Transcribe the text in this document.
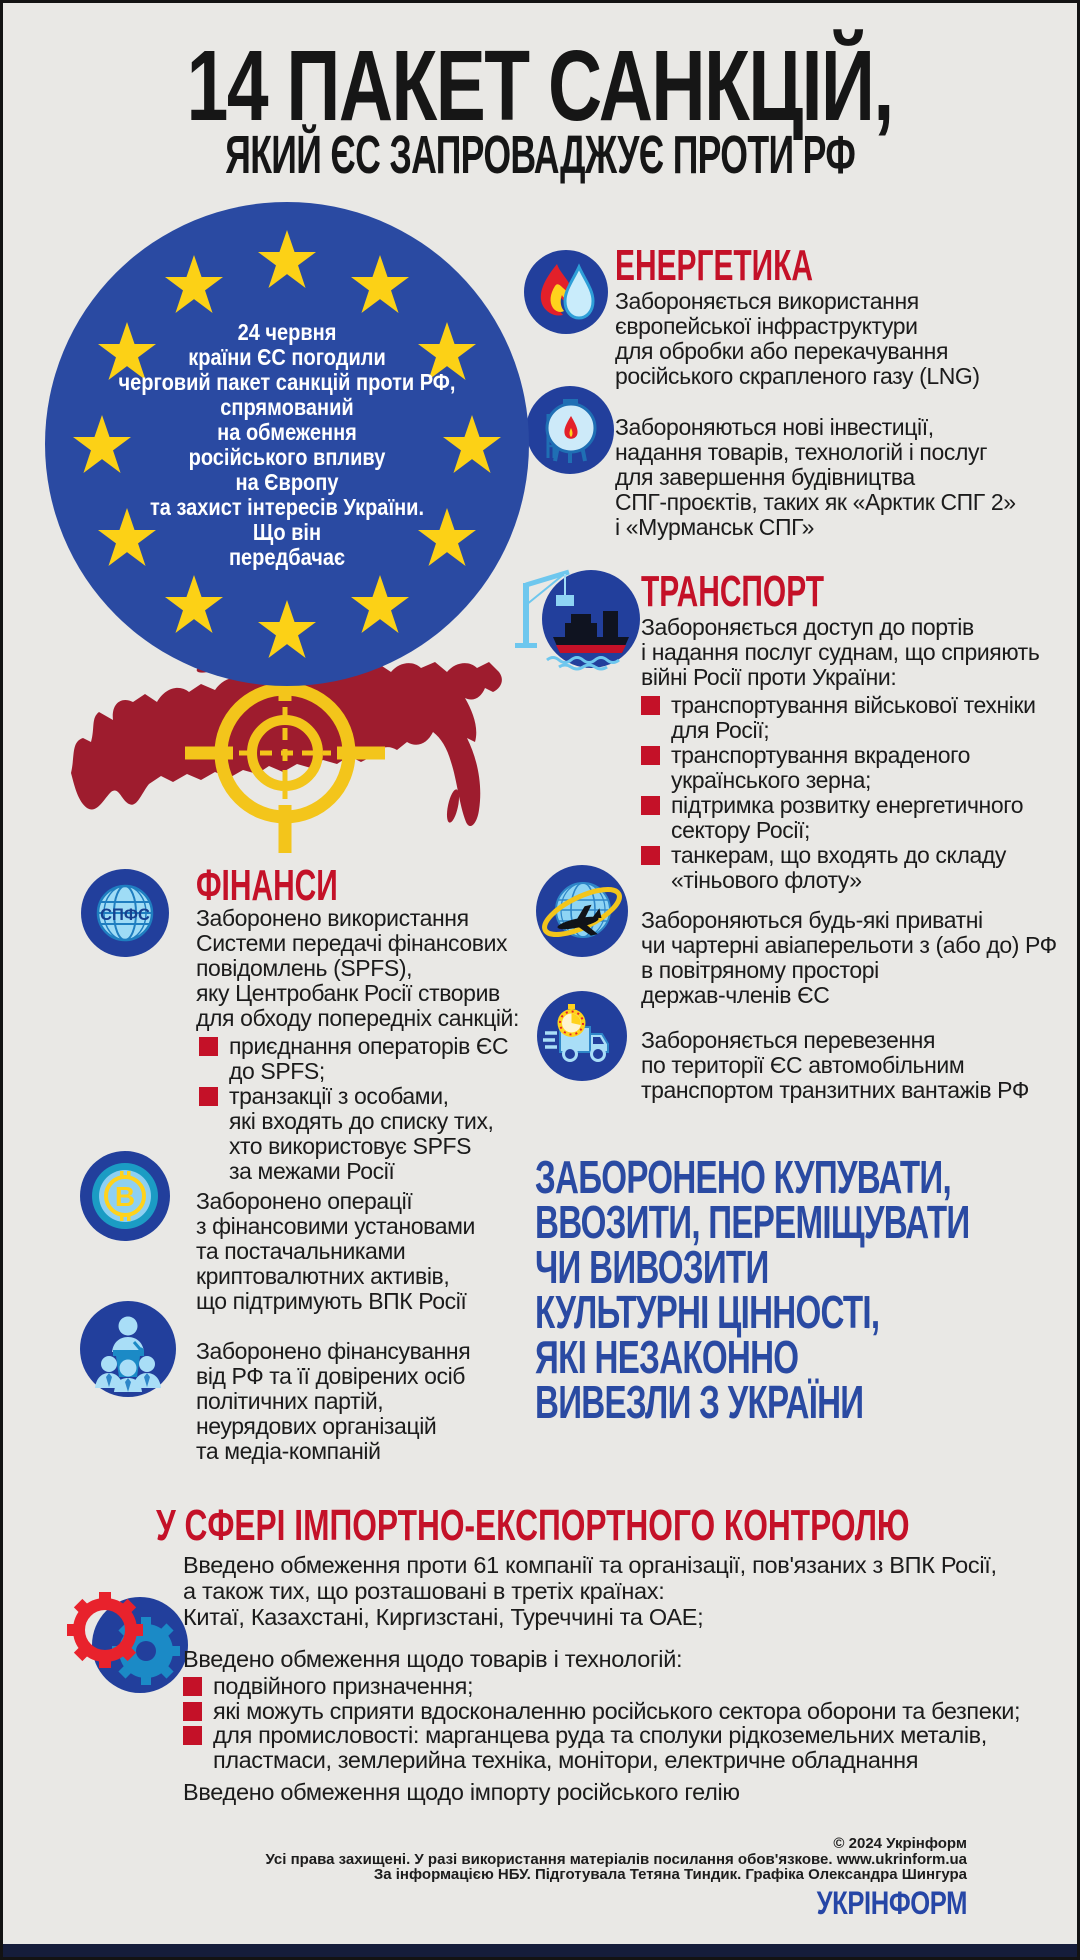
14 ПАКЕТ САНКЦІЙ,
ЯКИЙ ЄС ЗАПРОВАДЖУЄ ПРОТИ РФ
24 червня
країни ЄС погодили
черговий пакет санкцій проти РФ,
спрямований
на обмеження
російського впливу
на Європу
та захист інтересів України.
Що він
передбачає
ЕНЕРГЕТИКА
Забороняється використання
європейської інфраструктури
для обробки або перекачування
російського скрапленого газу (LNG)
Забороняються нові інвестиції,
надання товарів, технологій і послуг
для завершення будівництва
СПГ-проєктів, таких як «Арктик СПГ 2»
і «Мурманськ СПГ»
ТРАНСПОРТ
Забороняється доступ до портів
і надання послуг суднам, що сприяють
війні Росії проти України:
транспортування військової техніки
для Росії;
транспортування вкраденого
українського зерна;
підтримка розвитку енергетичного
сектору Росії;
танкерам, що входять до складу
«тіньового флоту»
Забороняються будь-які приватні
чи чартерні авіаперельоти з (або до) РФ
в повітряному просторі
держав-членів ЄС
Забороняється перевезення
по території ЄС автомобільним
транспортом транзитних вантажів РФ
СПФС
ФІНАНСИ
Заборонено використання
Системи передачі фінансових
повідомлень (SPFS),
яку Центробанк Росії створив
для обходу попередніх санкцій:
приєднання операторів ЄС
до SPFS;
транзакції з особами,
які входять до списку тих,
хто використовує SPFS
за межами Росії
B	Заборонено операції
з фінансовими установами
та постачальниками
криптовалютних активів,
що підтримують ВПК Росії
Заборонено фінансування
від РФ та її довірених осіб
політичних партій,
неурядових організацій
та медіа-компаній
ЗАБОРОНЕНО КУПУВАТИ,
ВВОЗИТИ, ПЕРЕМІЩУВАТИ
ЧИ ВИВОЗИТИ
КУЛЬТУРНІ ЦІННОСТІ,
ЯКІ НЕЗАКОННО
ВИВЕЗЛИ З УКРАЇНИ
У СФЕРІ ІМПОРТНО-ЕКСПОРТНОГО КОНТРОЛЮ
Введено обмеження проти 61 компанії та організації, пов'язаних з ВПК Росії,
а також тих, що розташовані в третіх країнах:
Китаї, Казахстані, Киргизстані, Туреччині та ОАЕ;
Введено обмеження щодо товарів і технологій:
подвійного призначення;
які можуть сприяти вдосконаленню російського сектора оборони та безпеки;
для промисловості: марганцева руда та сполуки рідкоземельних металів,
пластмаси, землерийна техніка, монітори, електричне обладнання
Введено обмеження щодо імпорту російського гелію
© 2024 Укрінформ
Усі права захищені. У разі використання матеріалів посилання обов'язкове. www.ukrinform.ua
За інформацією НБУ. Підготувала Тетяна Тиндик. Графіка Олександра Шингура
УКРІНФОРМ
